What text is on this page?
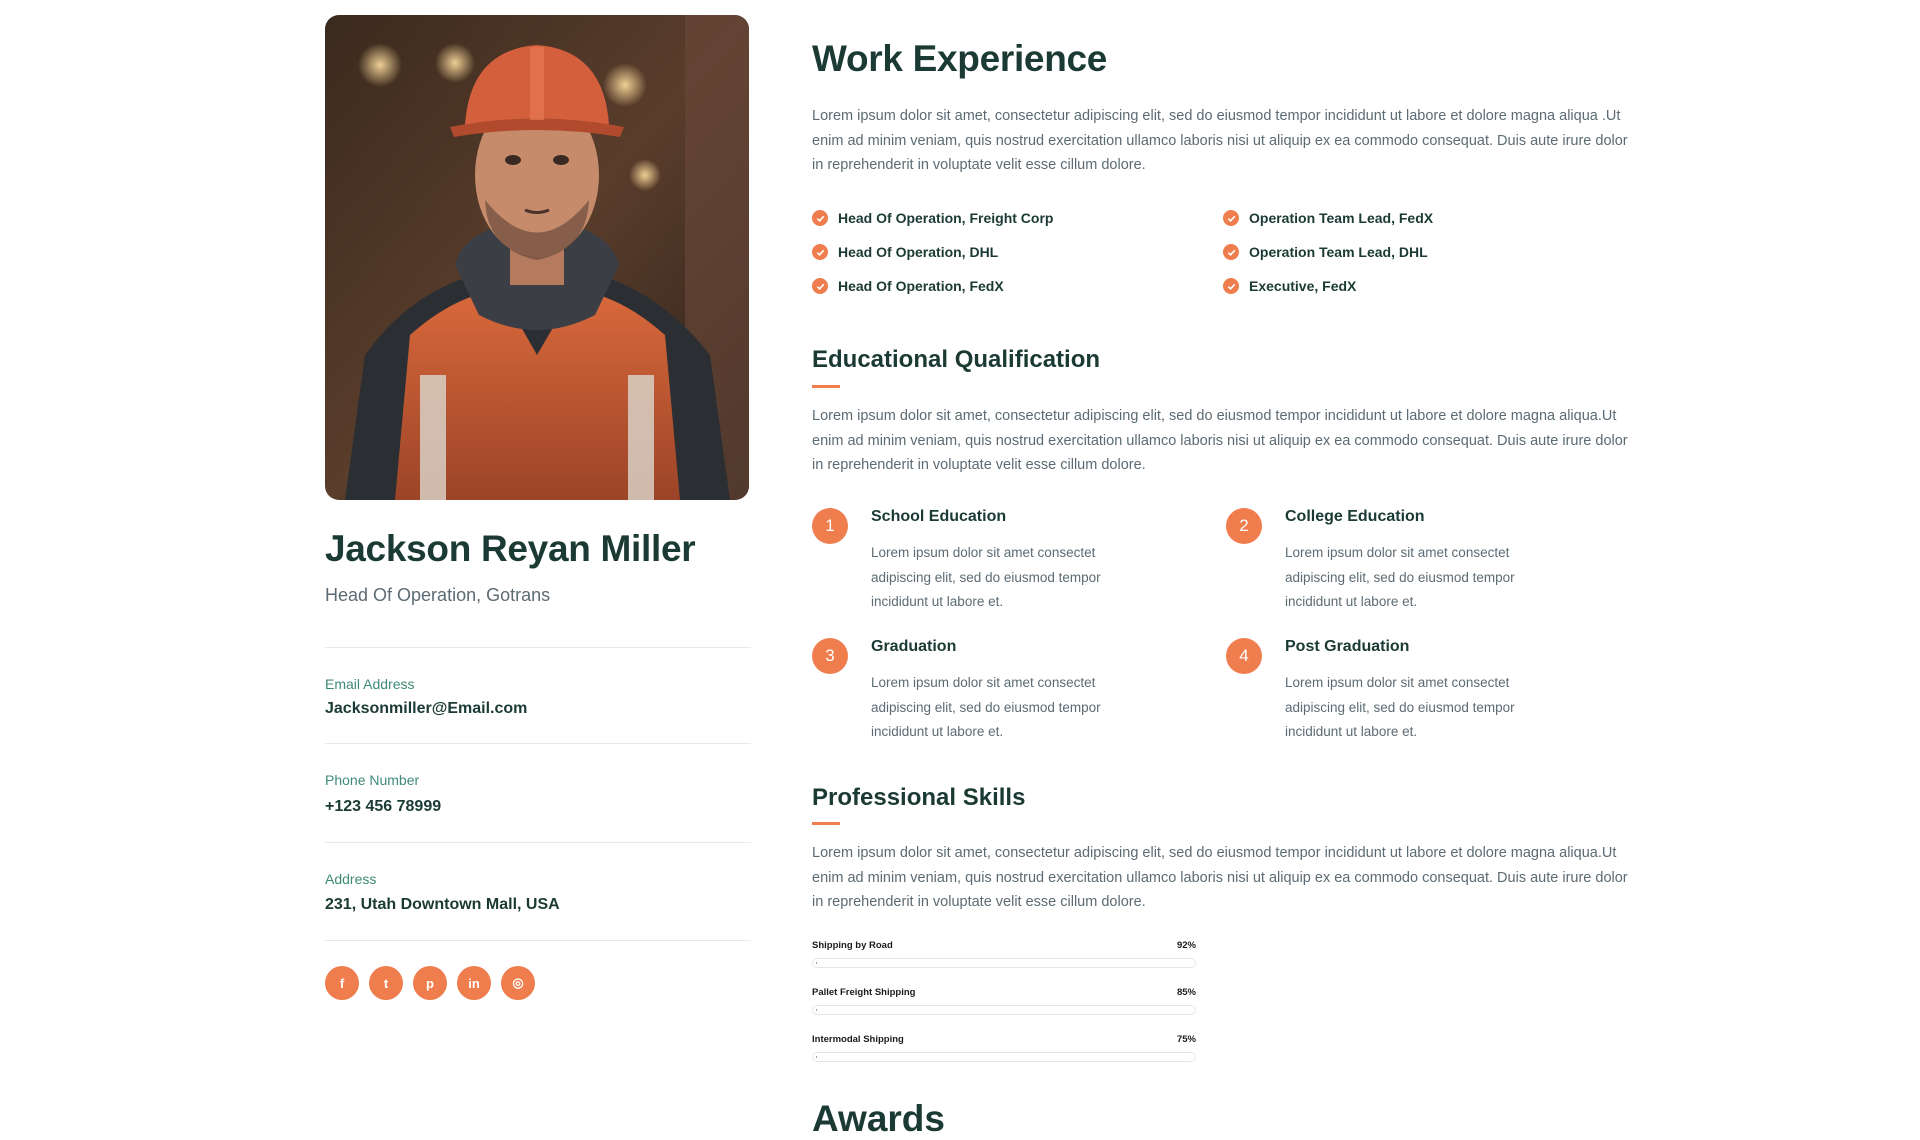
Jackson Reyan Miller
Head Of Operation, Gotrans
Email Address
Jacksonmiller@Email.com
Phone Number
+123 456 78999
Address
231, Utah Downtown Mall, USA
f	t	p	in	◎
Work Experience

Lorem ipsum dolor sit amet, consectetur adipiscing elit, sed do eiusmod tempor incididunt ut labore et dolore magna aliqua .Ut enim ad minim veniam, quis nostrud exercitation ullamco laboris nisi ut aliquip ex ea commodo consequat. Duis aute irure dolor in reprehenderit in voluptate velit esse cillum dolore.

Head Of Operation, Freight Corp
Head Of Operation, DHL
Head Of Operation, FedX
Operation Team Lead, FedX
Operation Team Lead, DHL
Executive, FedX
Educational Qualification

Lorem ipsum dolor sit amet, consectetur adipiscing elit, sed do eiusmod tempor incididunt ut labore et dolore magna aliqua.Ut enim ad minim veniam, quis nostrud exercitation ullamco laboris nisi ut aliquip ex ea commodo consequat. Duis aute irure dolor in reprehenderit in voluptate velit esse cillum dolore.

1	School Education

Lorem ipsum dolor sit amet consectet adipiscing elit, sed do eiusmod tempor incididunt ut labore et.

2	College Education

Lorem ipsum dolor sit amet consectet adipiscing elit, sed do eiusmod tempor incididunt ut labore et.

3	Graduation

Lorem ipsum dolor sit amet consectet adipiscing elit, sed do eiusmod tempor incididunt ut labore et.

4	Post Graduation

Lorem ipsum dolor sit amet consectet adipiscing elit, sed do eiusmod tempor incididunt ut labore et.

Professional Skills

Lorem ipsum dolor sit amet, consectetur adipiscing elit, sed do eiusmod tempor incididunt ut labore et dolore magna aliqua.Ut enim ad minim veniam, quis nostrud exercitation ullamco laboris nisi ut aliquip ex ea commodo consequat. Duis aute irure dolor in reprehenderit in voluptate velit esse cillum dolore.

Shipping by Road	92%
Pallet Freight Shipping	85%
Intermodal Shipping	75%
Awards
